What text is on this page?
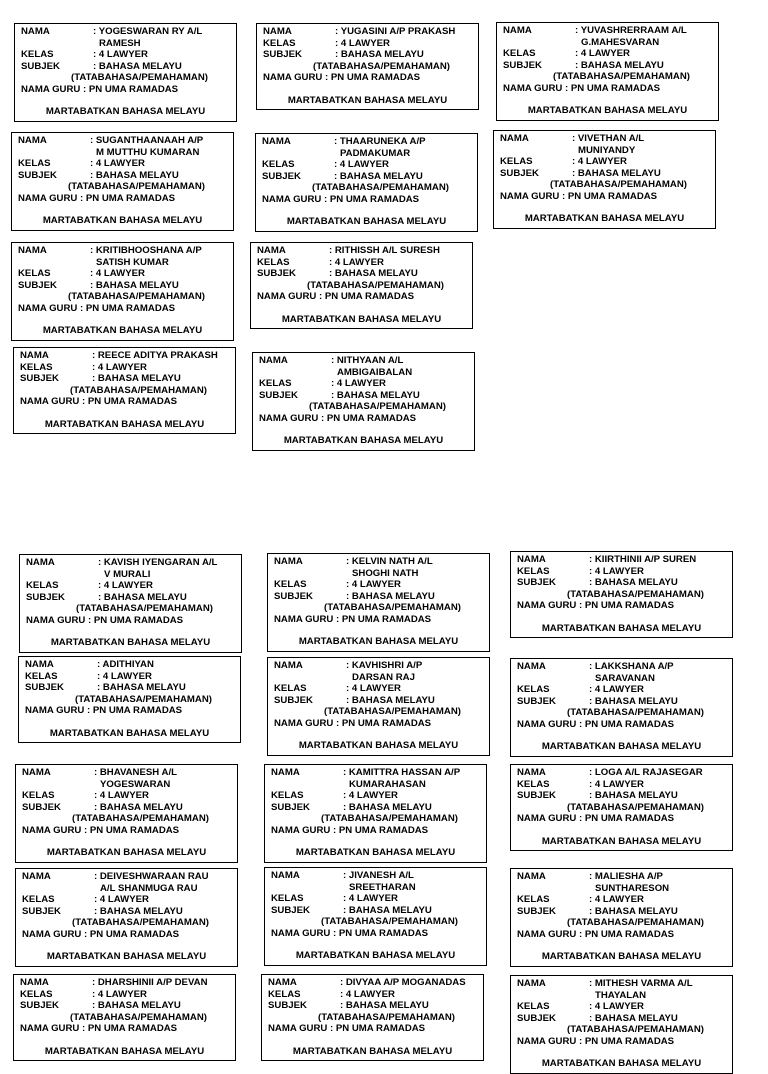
NAMA	: YOGESWARAN RY A/L
RAMESH
KELAS	: 4 LAWYER
SUBJEK	: BAHASA MELAYU
(TATABAHASA/PEMAHAMAN)
NAMA GURU : PN UMA RAMADAS
MARTABATKAN BAHASA MELAYU
NAMA	: YUGASINI A/P PRAKASH
KELAS	: 4 LAWYER
SUBJEK	: BAHASA MELAYU
(TATABAHASA/PEMAHAMAN)
NAMA GURU : PN UMA RAMADAS
MARTABATKAN BAHASA MELAYU
NAMA	: YUVASHRERRAAM A/L
G.MAHESVARAN
KELAS	: 4 LAWYER
SUBJEK	: BAHASA MELAYU
(TATABAHASA/PEMAHAMAN)
NAMA GURU : PN UMA RAMADAS
MARTABATKAN BAHASA MELAYU
NAMA	: SUGANTHAANAAH A/P
M MUTTHU KUMARAN
KELAS	: 4 LAWYER
SUBJEK	: BAHASA MELAYU
(TATABAHASA/PEMAHAMAN)
NAMA GURU : PN UMA RAMADAS
MARTABATKAN BAHASA MELAYU
NAMA	: THAARUNEKA A/P
PADMAKUMAR
KELAS	: 4 LAWYER
SUBJEK	: BAHASA MELAYU
(TATABAHASA/PEMAHAMAN)
NAMA GURU : PN UMA RAMADAS
MARTABATKAN BAHASA MELAYU
NAMA	: VIVETHAN A/L
MUNIYANDY
KELAS	: 4 LAWYER
SUBJEK	: BAHASA MELAYU
(TATABAHASA/PEMAHAMAN)
NAMA GURU : PN UMA RAMADAS
MARTABATKAN BAHASA MELAYU
NAMA	: KRITIBHOOSHANA A/P
SATISH KUMAR
KELAS	: 4 LAWYER
SUBJEK	: BAHASA MELAYU
(TATABAHASA/PEMAHAMAN)
NAMA GURU : PN UMA RAMADAS
MARTABATKAN BAHASA MELAYU
NAMA	: RITHISSH A/L SURESH
KELAS	: 4 LAWYER
SUBJEK	: BAHASA MELAYU
(TATABAHASA/PEMAHAMAN)
NAMA GURU : PN UMA RAMADAS
MARTABATKAN BAHASA MELAYU
NAMA	: REECE ADITYA PRAKASH
KELAS	: 4 LAWYER
SUBJEK	: BAHASA MELAYU
(TATABAHASA/PEMAHAMAN)
NAMA GURU : PN UMA RAMADAS
MARTABATKAN BAHASA MELAYU
NAMA	: NITHYAAN A/L
AMBIGAIBALAN
KELAS	: 4 LAWYER
SUBJEK	: BAHASA MELAYU
(TATABAHASA/PEMAHAMAN)
NAMA GURU : PN UMA RAMADAS
MARTABATKAN BAHASA MELAYU
NAMA	: KAVISH IYENGARAN A/L
V MURALI
KELAS	: 4 LAWYER
SUBJEK	: BAHASA MELAYU
(TATABAHASA/PEMAHAMAN)
NAMA GURU : PN UMA RAMADAS
MARTABATKAN BAHASA MELAYU
NAMA	: KELVIN NATH A/L
SHOGHI NATH
KELAS	: 4 LAWYER
SUBJEK	: BAHASA MELAYU
(TATABAHASA/PEMAHAMAN)
NAMA GURU : PN UMA RAMADAS
MARTABATKAN BAHASA MELAYU
NAMA	: KIIRTHINII A/P SUREN
KELAS	: 4 LAWYER
SUBJEK	: BAHASA MELAYU
(TATABAHASA/PEMAHAMAN)
NAMA GURU : PN UMA RAMADAS
MARTABATKAN BAHASA MELAYU
NAMA	: ADITHIYAN
KELAS	: 4 LAWYER
SUBJEK	: BAHASA MELAYU
(TATABAHASA/PEMAHAMAN)
NAMA GURU : PN UMA RAMADAS
MARTABATKAN BAHASA MELAYU
NAMA	: KAVHISHRI A/P
DARSAN RAJ
KELAS	: 4 LAWYER
SUBJEK	: BAHASA MELAYU
(TATABAHASA/PEMAHAMAN)
NAMA GURU : PN UMA RAMADAS
MARTABATKAN BAHASA MELAYU
NAMA	: LAKKSHANA A/P
SARAVANAN
KELAS	: 4 LAWYER
SUBJEK	: BAHASA MELAYU
(TATABAHASA/PEMAHAMAN)
NAMA GURU : PN UMA RAMADAS
MARTABATKAN BAHASA MELAYU
NAMA	: BHAVANESH A/L
YOGESWARAN
KELAS	: 4 LAWYER
SUBJEK	: BAHASA MELAYU
(TATABAHASA/PEMAHAMAN)
NAMA GURU : PN UMA RAMADAS
MARTABATKAN BAHASA MELAYU
NAMA	: KAMITTRA HASSAN A/P
KUMARAHASAN
KELAS	: 4 LAWYER
SUBJEK	: BAHASA MELAYU
(TATABAHASA/PEMAHAMAN)
NAMA GURU : PN UMA RAMADAS
MARTABATKAN BAHASA MELAYU
NAMA	: LOGA A/L RAJASEGAR
KELAS	: 4 LAWYER
SUBJEK	: BAHASA MELAYU
(TATABAHASA/PEMAHAMAN)
NAMA GURU : PN UMA RAMADAS
MARTABATKAN BAHASA MELAYU
NAMA	: DEIVESHWARAAN RAU
A/L SHANMUGA RAU
KELAS	: 4 LAWYER
SUBJEK	: BAHASA MELAYU
(TATABAHASA/PEMAHAMAN)
NAMA GURU : PN UMA RAMADAS
MARTABATKAN BAHASA MELAYU
NAMA	: JIVANESH A/L
SREETHARAN
KELAS	: 4 LAWYER
SUBJEK	: BAHASA MELAYU
(TATABAHASA/PEMAHAMAN)
NAMA GURU : PN UMA RAMADAS
MARTABATKAN BAHASA MELAYU
NAMA	: MALIESHA A/P
SUNTHARESON
KELAS	: 4 LAWYER
SUBJEK	: BAHASA MELAYU
(TATABAHASA/PEMAHAMAN)
NAMA GURU : PN UMA RAMADAS
MARTABATKAN BAHASA MELAYU
NAMA	: DHARSHINII A/P DEVAN
KELAS	: 4 LAWYER
SUBJEK	: BAHASA MELAYU
(TATABAHASA/PEMAHAMAN)
NAMA GURU : PN UMA RAMADAS
MARTABATKAN BAHASA MELAYU
NAMA	: DIVYAA A/P MOGANADAS
KELAS	: 4 LAWYER
SUBJEK	: BAHASA MELAYU
(TATABAHASA/PEMAHAMAN)
NAMA GURU : PN UMA RAMADAS
MARTABATKAN BAHASA MELAYU
NAMA	: MITHESH VARMA A/L
THAYALAN
KELAS	: 4 LAWYER
SUBJEK	: BAHASA MELAYU
(TATABAHASA/PEMAHAMAN)
NAMA GURU : PN UMA RAMADAS
MARTABATKAN BAHASA MELAYU
